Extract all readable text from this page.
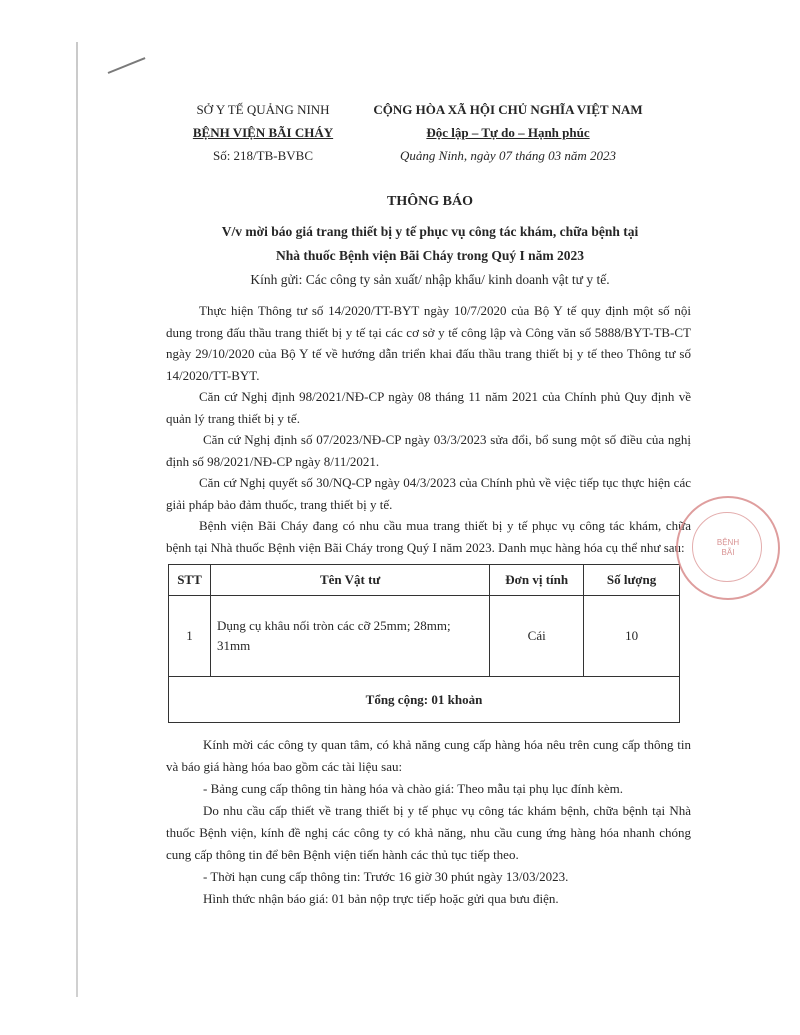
SỞ Y TẾ QUẢNG NINH
BỆNH VIỆN BÃI CHÁY
Số: 218/TB-BVBC
CỘNG HÒA XÃ HỘI CHỦ NGHĨA VIỆT NAM
Độc lập – Tự do – Hạnh phúc
Quảng Ninh, ngày 07 tháng 03 năm 2023
THÔNG BÁO
V/v mời báo giá trang thiết bị y tế phục vụ công tác khám, chữa bệnh tại
Nhà thuốc Bệnh viện Bãi Cháy trong Quý I năm 2023
Kính gửi: Các công ty sản xuất/ nhập khẩu/ kinh doanh vật tư y tế.

Thực hiện Thông tư số 14/2020/TT-BYT ngày 10/7/2020 của Bộ Y tế quy định một số nội dung trong đấu thầu trang thiết bị y tế tại các cơ sở y tế công lập và Công văn số 5888/BYT-TB-CT ngày 29/10/2020 của Bộ Y tế về hướng dẫn triển khai đấu thầu trang thiết bị y tế theo Thông tư số 14/2020/TT-BYT.

Căn cứ Nghị định 98/2021/NĐ-CP ngày 08 tháng 11 năm 2021 của Chính phủ Quy định về quản lý trang thiết bị y tế.

Căn cứ Nghị định số 07/2023/NĐ-CP ngày 03/3/2023 sửa đổi, bổ sung một số điều của nghị định số 98/2021/NĐ-CP ngày 8/11/2021.

Căn cứ Nghị quyết số 30/NQ-CP ngày 04/3/2023 của Chính phủ về việc tiếp tục thực hiện các giải pháp bảo đảm thuốc, trang thiết bị y tế.

Bệnh viện Bãi Cháy đang có nhu cầu mua trang thiết bị y tế phục vụ công tác khám, chữa bệnh tại Nhà thuốc Bệnh viện Bãi Cháy trong Quý I năm 2023. Danh mục hàng hóa cụ thể như sau:

STT	Tên Vật tư	Đơn vị tính	Số lượng
1	Dụng cụ khâu nối tròn các cỡ 25mm; 28mm; 31mm	Cái	10
Tổng cộng: 01 khoản			

Kính mời các công ty quan tâm, có khả năng cung cấp hàng hóa nêu trên cung cấp thông tin và báo giá hàng hóa bao gồm các tài liệu sau:

- Bảng cung cấp thông tin hàng hóa và chào giá: Theo mẫu tại phụ lục đính kèm.

Do nhu cầu cấp thiết về trang thiết bị y tế phục vụ công tác khám bệnh, chữa bệnh tại Nhà thuốc Bệnh viện, kính đề nghị các công ty có khả năng, nhu cầu cung ứng hàng hóa nhanh chóng cung cấp thông tin để bên Bệnh viện tiến hành các thủ tục tiếp theo.

- Thời hạn cung cấp thông tin: Trước 16 giờ 30 phút ngày 13/03/2023.

Hình thức nhận báo giá: 01 bản nộp trực tiếp hoặc gửi qua bưu điện.

BỆNH
BÃI
